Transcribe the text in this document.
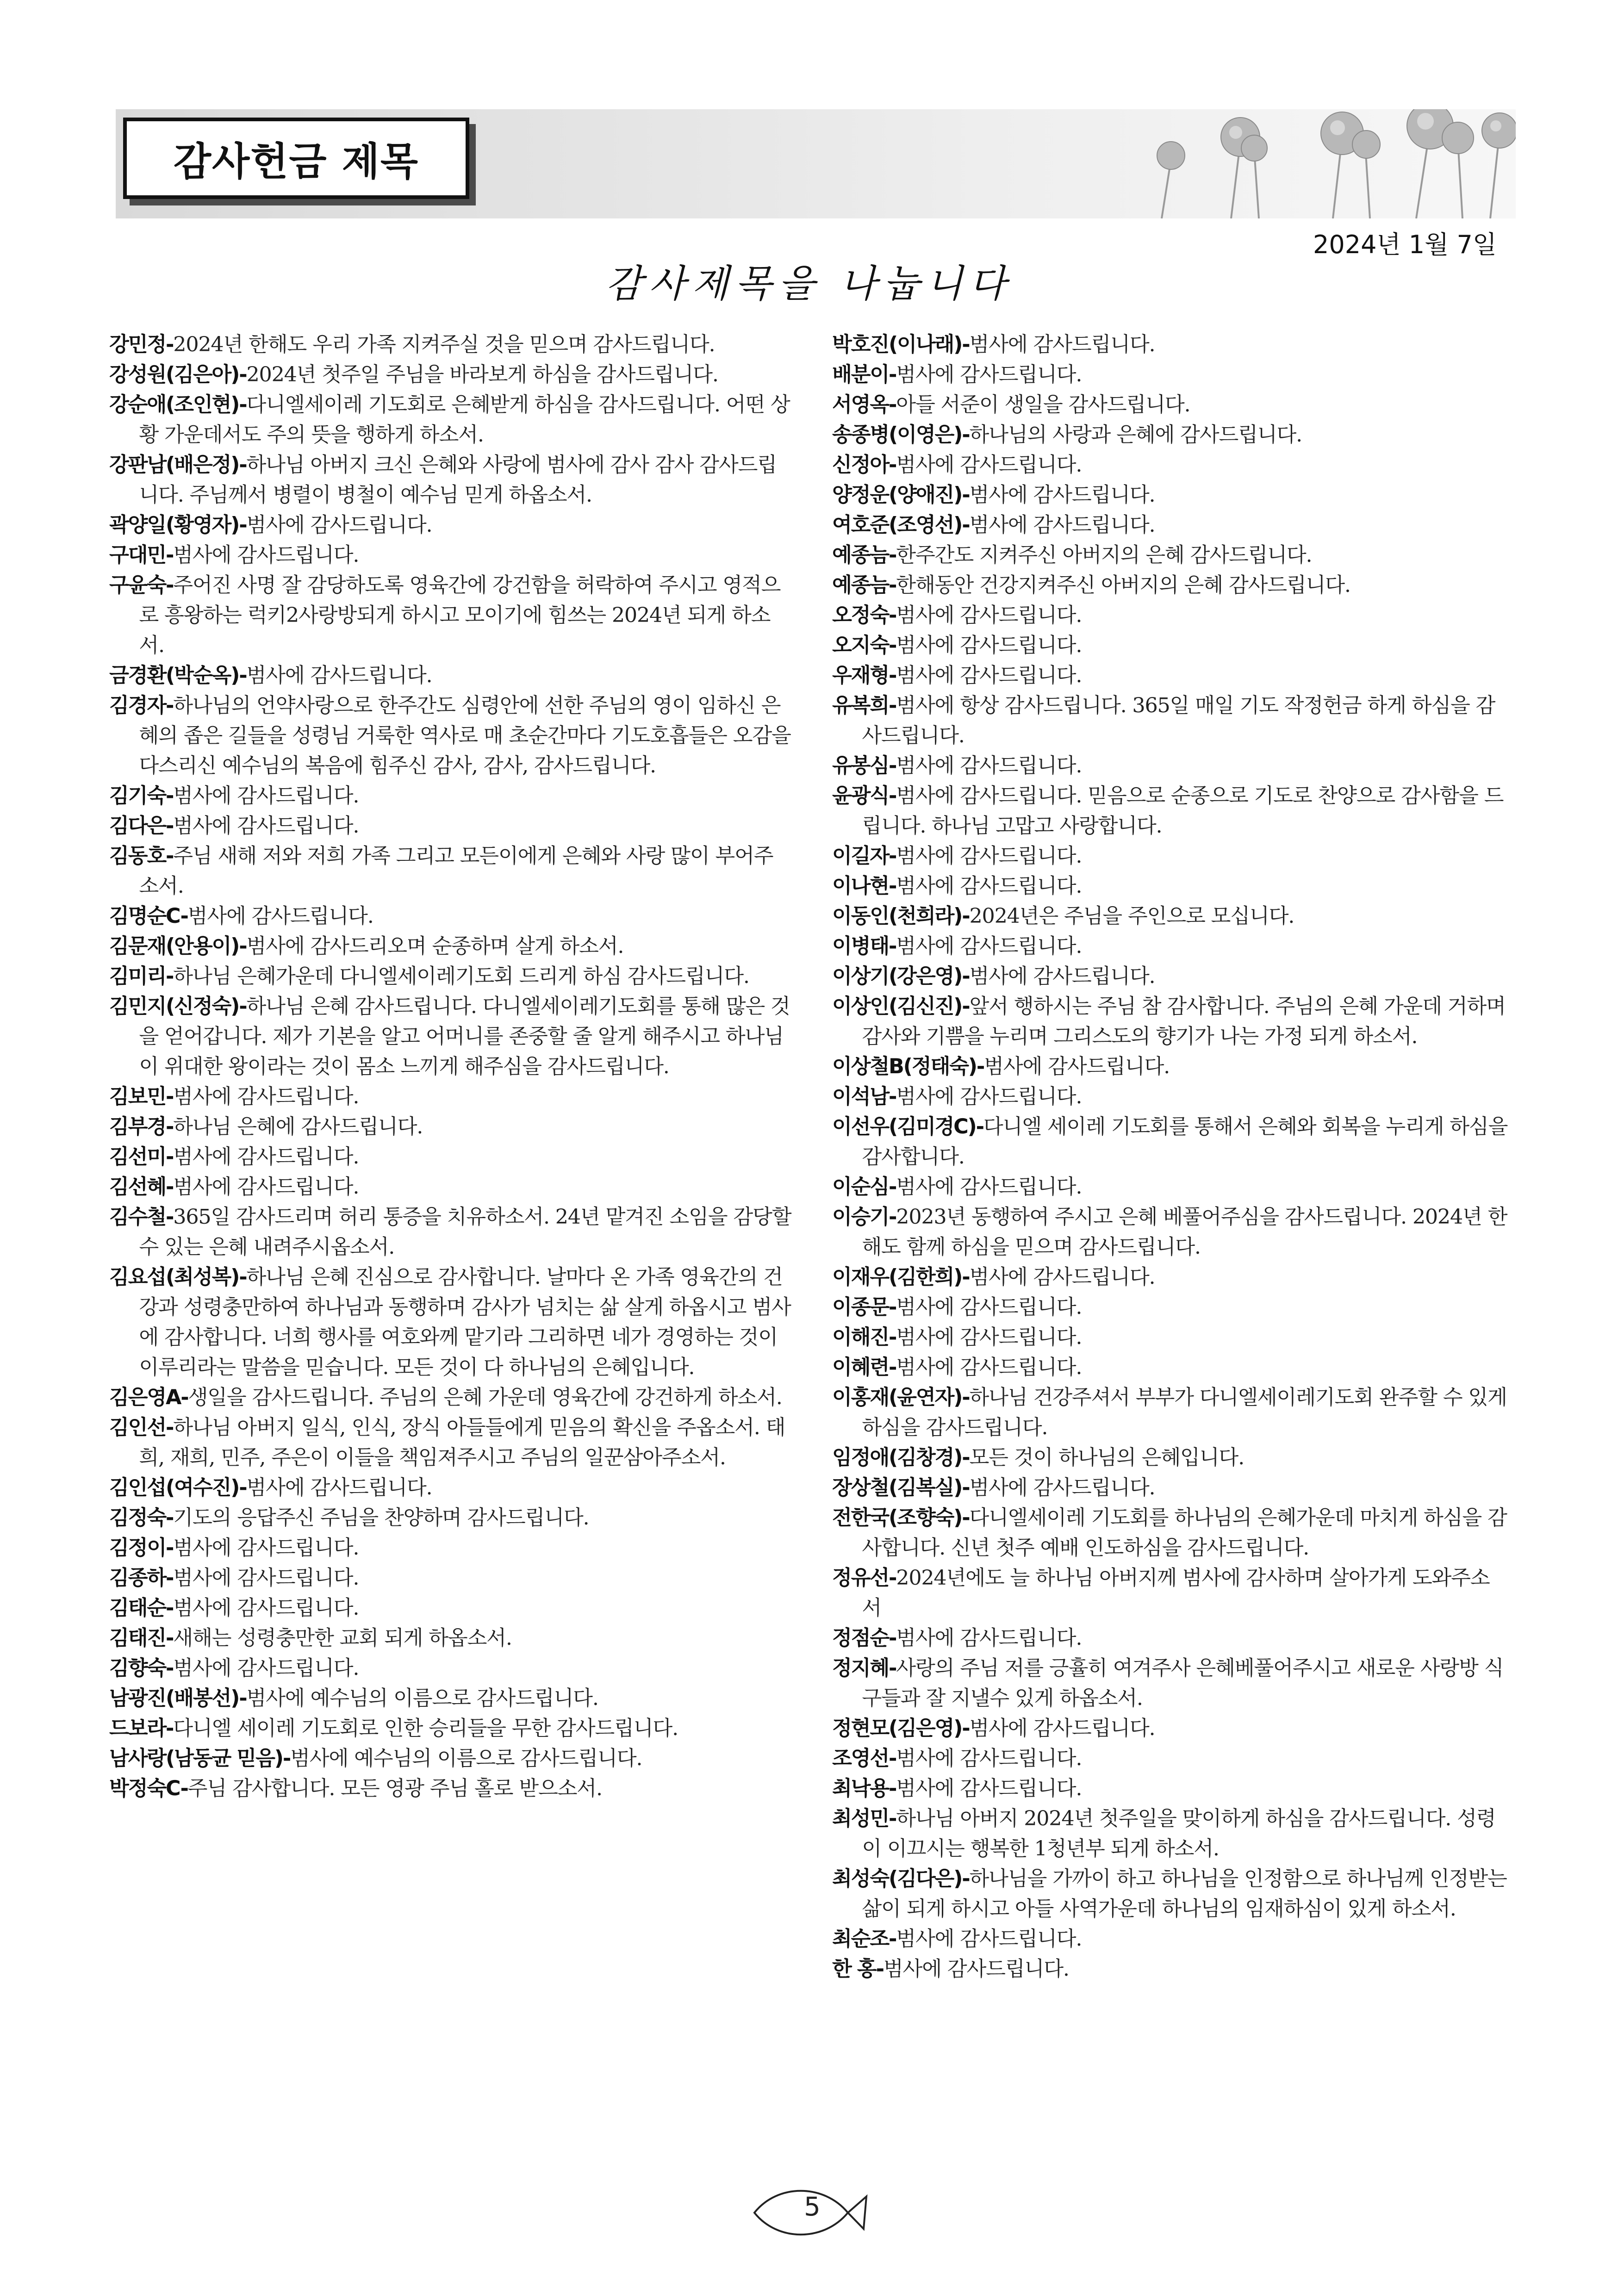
감사헌금 제목
2024년 1월 7일
감사제목을 나눕니다
강민정-2024년 한해도 우리 가족 지켜주실 것을 믿으며 감사드립니다.
강성원(김은아)-2024년 첫주일 주님을 바라보게 하심을 감사드립니다.
강순애(조인현)-다니엘세이레 기도회로 은혜받게 하심을 감사드립니다. 어떤 상황 가운데서도 주의 뜻을 행하게 하소서.
강판남(배은정)-하나님 아버지 크신 은혜와 사랑에 범사에 감사 감사 감사드립니다. 주님께서 병렬이 병철이 예수님 믿게 하옵소서.
곽양일(황영자)-범사에 감사드립니다.
구대민-범사에 감사드립니다.
구윤숙-주어진 사명 잘 감당하도록 영육간에 강건함을 허락하여 주시고 영적으로 흥왕하는 럭키2사랑방되게 하시고 모이기에 힘쓰는 2024년 되게 하소서.
금경환(박순옥)-범사에 감사드립니다.
김경자-하나님의 언약사랑으로 한주간도 심령안에 선한 주님의 영이 임하신 은혜의 좁은 길들을 성령님 거룩한 역사로 매 초순간마다 기도호흡들은 오감을 다스리신 예수님의 복음에 힘주신 감사, 감사, 감사드립니다.
김기숙-범사에 감사드립니다.
김다은-범사에 감사드립니다.
김동호-주님 새해 저와 저희 가족 그리고 모든이에게 은혜와 사랑 많이 부어주소서.
김명순C-범사에 감사드립니다.
김문재(안용이)-범사에 감사드리오며 순종하며 살게 하소서.
김미리-하나님 은혜가운데 다니엘세이레기도회 드리게 하심 감사드립니다.
김민지(신정숙)-하나님 은혜 감사드립니다. 다니엘세이레기도회를 통해 많은 것을 얻어갑니다. 제가 기본을 알고 어머니를 존중할 줄 알게 해주시고 하나님이 위대한 왕이라는 것이 몸소 느끼게 해주심을 감사드립니다.
김보민-범사에 감사드립니다.
김부경-하나님 은혜에 감사드립니다.
김선미-범사에 감사드립니다.
김선혜-범사에 감사드립니다.
김수철-365일 감사드리며 허리 통증을 치유하소서. 24년 맡겨진 소임을 감당할 수 있는 은혜 내려주시옵소서.
김요섭(최성복)-하나님 은혜 진심으로 감사합니다. 날마다 온 가족 영육간의 건강과 성령충만하여 하나님과 동행하며 감사가 넘치는 삶 살게 하옵시고 범사에 감사합니다. 너희 행사를 여호와께 맡기라 그리하면 네가 경영하는 것이 이루리라는 말씀을 믿습니다. 모든 것이 다 하나님의 은혜입니다.
김은영A-생일을 감사드립니다. 주님의 은혜 가운데 영육간에 강건하게 하소서.
김인선-하나님 아버지 일식, 인식, 장식 아들들에게 믿음의 확신을 주옵소서. 태희, 재희, 민주, 주은이 이들을 책임져주시고 주님의 일꾼삼아주소서.
김인섭(여수진)-범사에 감사드립니다.
김정숙-기도의 응답주신 주님을 찬양하며 감사드립니다.
김정이-범사에 감사드립니다.
김종하-범사에 감사드립니다.
김태순-범사에 감사드립니다.
김태진-새해는 성령충만한 교회 되게 하옵소서.
김향숙-범사에 감사드립니다.
남광진(배봉선)-범사에 예수님의 이름으로 감사드립니다.
드보라-다니엘 세이레 기도회로 인한 승리들을 무한 감사드립니다.
남사랑(남동균 믿음)-범사에 예수님의 이름으로 감사드립니다.
박정숙C-주님 감사합니다. 모든 영광 주님 홀로 받으소서.
박호진(이나래)-범사에 감사드립니다.
배분이-범사에 감사드립니다.
서영옥-아들 서준이 생일을 감사드립니다.
송종병(이영은)-하나님의 사랑과 은혜에 감사드립니다.
신정아-범사에 감사드립니다.
양정운(양애진)-범사에 감사드립니다.
여호준(조영선)-범사에 감사드립니다.
예종늠-한주간도 지켜주신 아버지의 은혜 감사드립니다.
예종늠-한해동안 건강지켜주신 아버지의 은혜 감사드립니다.
오정숙-범사에 감사드립니다.
오지숙-범사에 감사드립니다.
우재형-범사에 감사드립니다.
유복희-범사에 항상 감사드립니다. 365일 매일 기도 작정헌금 하게 하심을 감사드립니다.
유봉심-범사에 감사드립니다.
윤광식-범사에 감사드립니다. 믿음으로 순종으로 기도로 찬양으로 감사함을 드립니다. 하나님 고맙고 사랑합니다.
이길자-범사에 감사드립니다.
이나현-범사에 감사드립니다.
이동인(천희라)-2024년은 주님을 주인으로 모십니다.
이병태-범사에 감사드립니다.
이상기(강은영)-범사에 감사드립니다.
이상인(김신진)-앞서 행하시는 주님 참 감사합니다. 주님의 은혜 가운데 거하며 감사와 기쁨을 누리며 그리스도의 향기가 나는 가정 되게 하소서.
이상철B(정태숙)-범사에 감사드립니다.
이석남-범사에 감사드립니다.
이선우(김미경C)-다니엘 세이레 기도회를 통해서 은혜와 회복을 누리게 하심을 감사합니다.
이순심-범사에 감사드립니다.
이승기-2023년 동행하여 주시고 은혜 베풀어주심을 감사드립니다. 2024년 한해도 함께 하심을 믿으며 감사드립니다.
이재우(김한희)-범사에 감사드립니다.
이종문-범사에 감사드립니다.
이해진-범사에 감사드립니다.
이혜련-범사에 감사드립니다.
이홍재(윤연자)-하나님 건강주셔서 부부가 다니엘세이레기도회 완주할 수 있게 하심을 감사드립니다.
임정애(김창경)-모든 것이 하나님의 은혜입니다.
장상철(김복실)-범사에 감사드립니다.
전한국(조향숙)-다니엘세이레 기도회를 하나님의 은혜가운데 마치게 하심을 감사합니다. 신년 첫주 예배 인도하심을 감사드립니다.
정유선-2024년에도 늘 하나님 아버지께 범사에 감사하며 살아가게 도와주소서
정점순-범사에 감사드립니다.
정지혜-사랑의 주님 저를 긍휼히 여겨주사 은혜베풀어주시고 새로운 사랑방 식구들과 잘 지낼수 있게 하옵소서.
정현모(김은영)-범사에 감사드립니다.
조영선-범사에 감사드립니다.
최낙용-범사에 감사드립니다.
최성민-하나님 아버지 2024년 첫주일을 맞이하게 하심을 감사드립니다. 성령이 이끄시는 행복한 1청년부 되게 하소서.
최성숙(김다은)-하나님을 가까이 하고 하나님을 인정함으로 하나님께 인정받는 삶이 되게 하시고 아들 사역가운데 하나님의 임재하심이 있게 하소서.
최순조-범사에 감사드립니다.
한 홍-범사에 감사드립니다.
5
